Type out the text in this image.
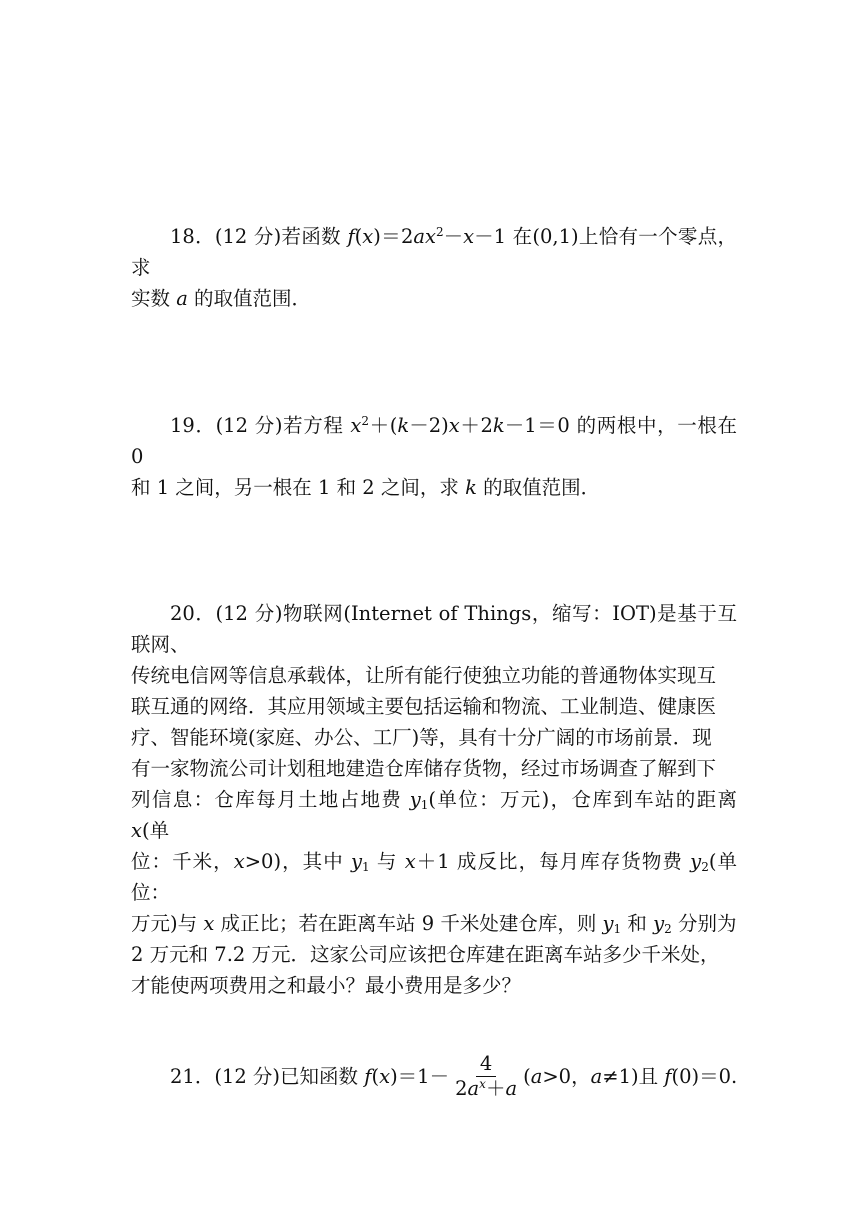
18．(12 分)若函数 $f(x)=2ax^2-x-1$ 在(0,1)上恰有一个零点，求

实数 a 的取值范围．

19．(12 分)若方程 $x^2+(k-2)x+2k-1=0$ 的两根中，一根在 0

和 1 之间，另一根在 1 和 2 之间，求 k 的取值范围．

20．(12 分)物联网(Internet of Things，缩写：IOT)是基于互联网、

传统电信网等信息承载体，让所有能行使独立功能的普通物体实现互

联互通的网络．其应用领域主要包括运输和物流、工业制造、健康医

疗、智能环境(家庭、办公、工厂)等，具有十分广阔的市场前景．现

有一家物流公司计划租地建造仓库储存货物，经过市场调查了解到下

列信息：仓库每月土地占地费 $y_1$(单位：万元)，仓库到车站的距离 x(单

位：千米，x>0)，其中 $y_1$ 与 x＋1 成反比，每月库存货物费 $y_2$(单位：

万元)与 x 成正比；若在距离车站 9 千米处建仓库，则 $y_1$ 和 $y_2$ 分别为

2 万元和 7.2 万元．这家公司应该把仓库建在距离车站多少千米处，

才能使两项费用之和最小？最小费用是多少？

21．(12 分)已知函数 $f(x)=1- \frac{4}{2a^x+a} (a>0$，a≠1)且 f(0)＝0.
